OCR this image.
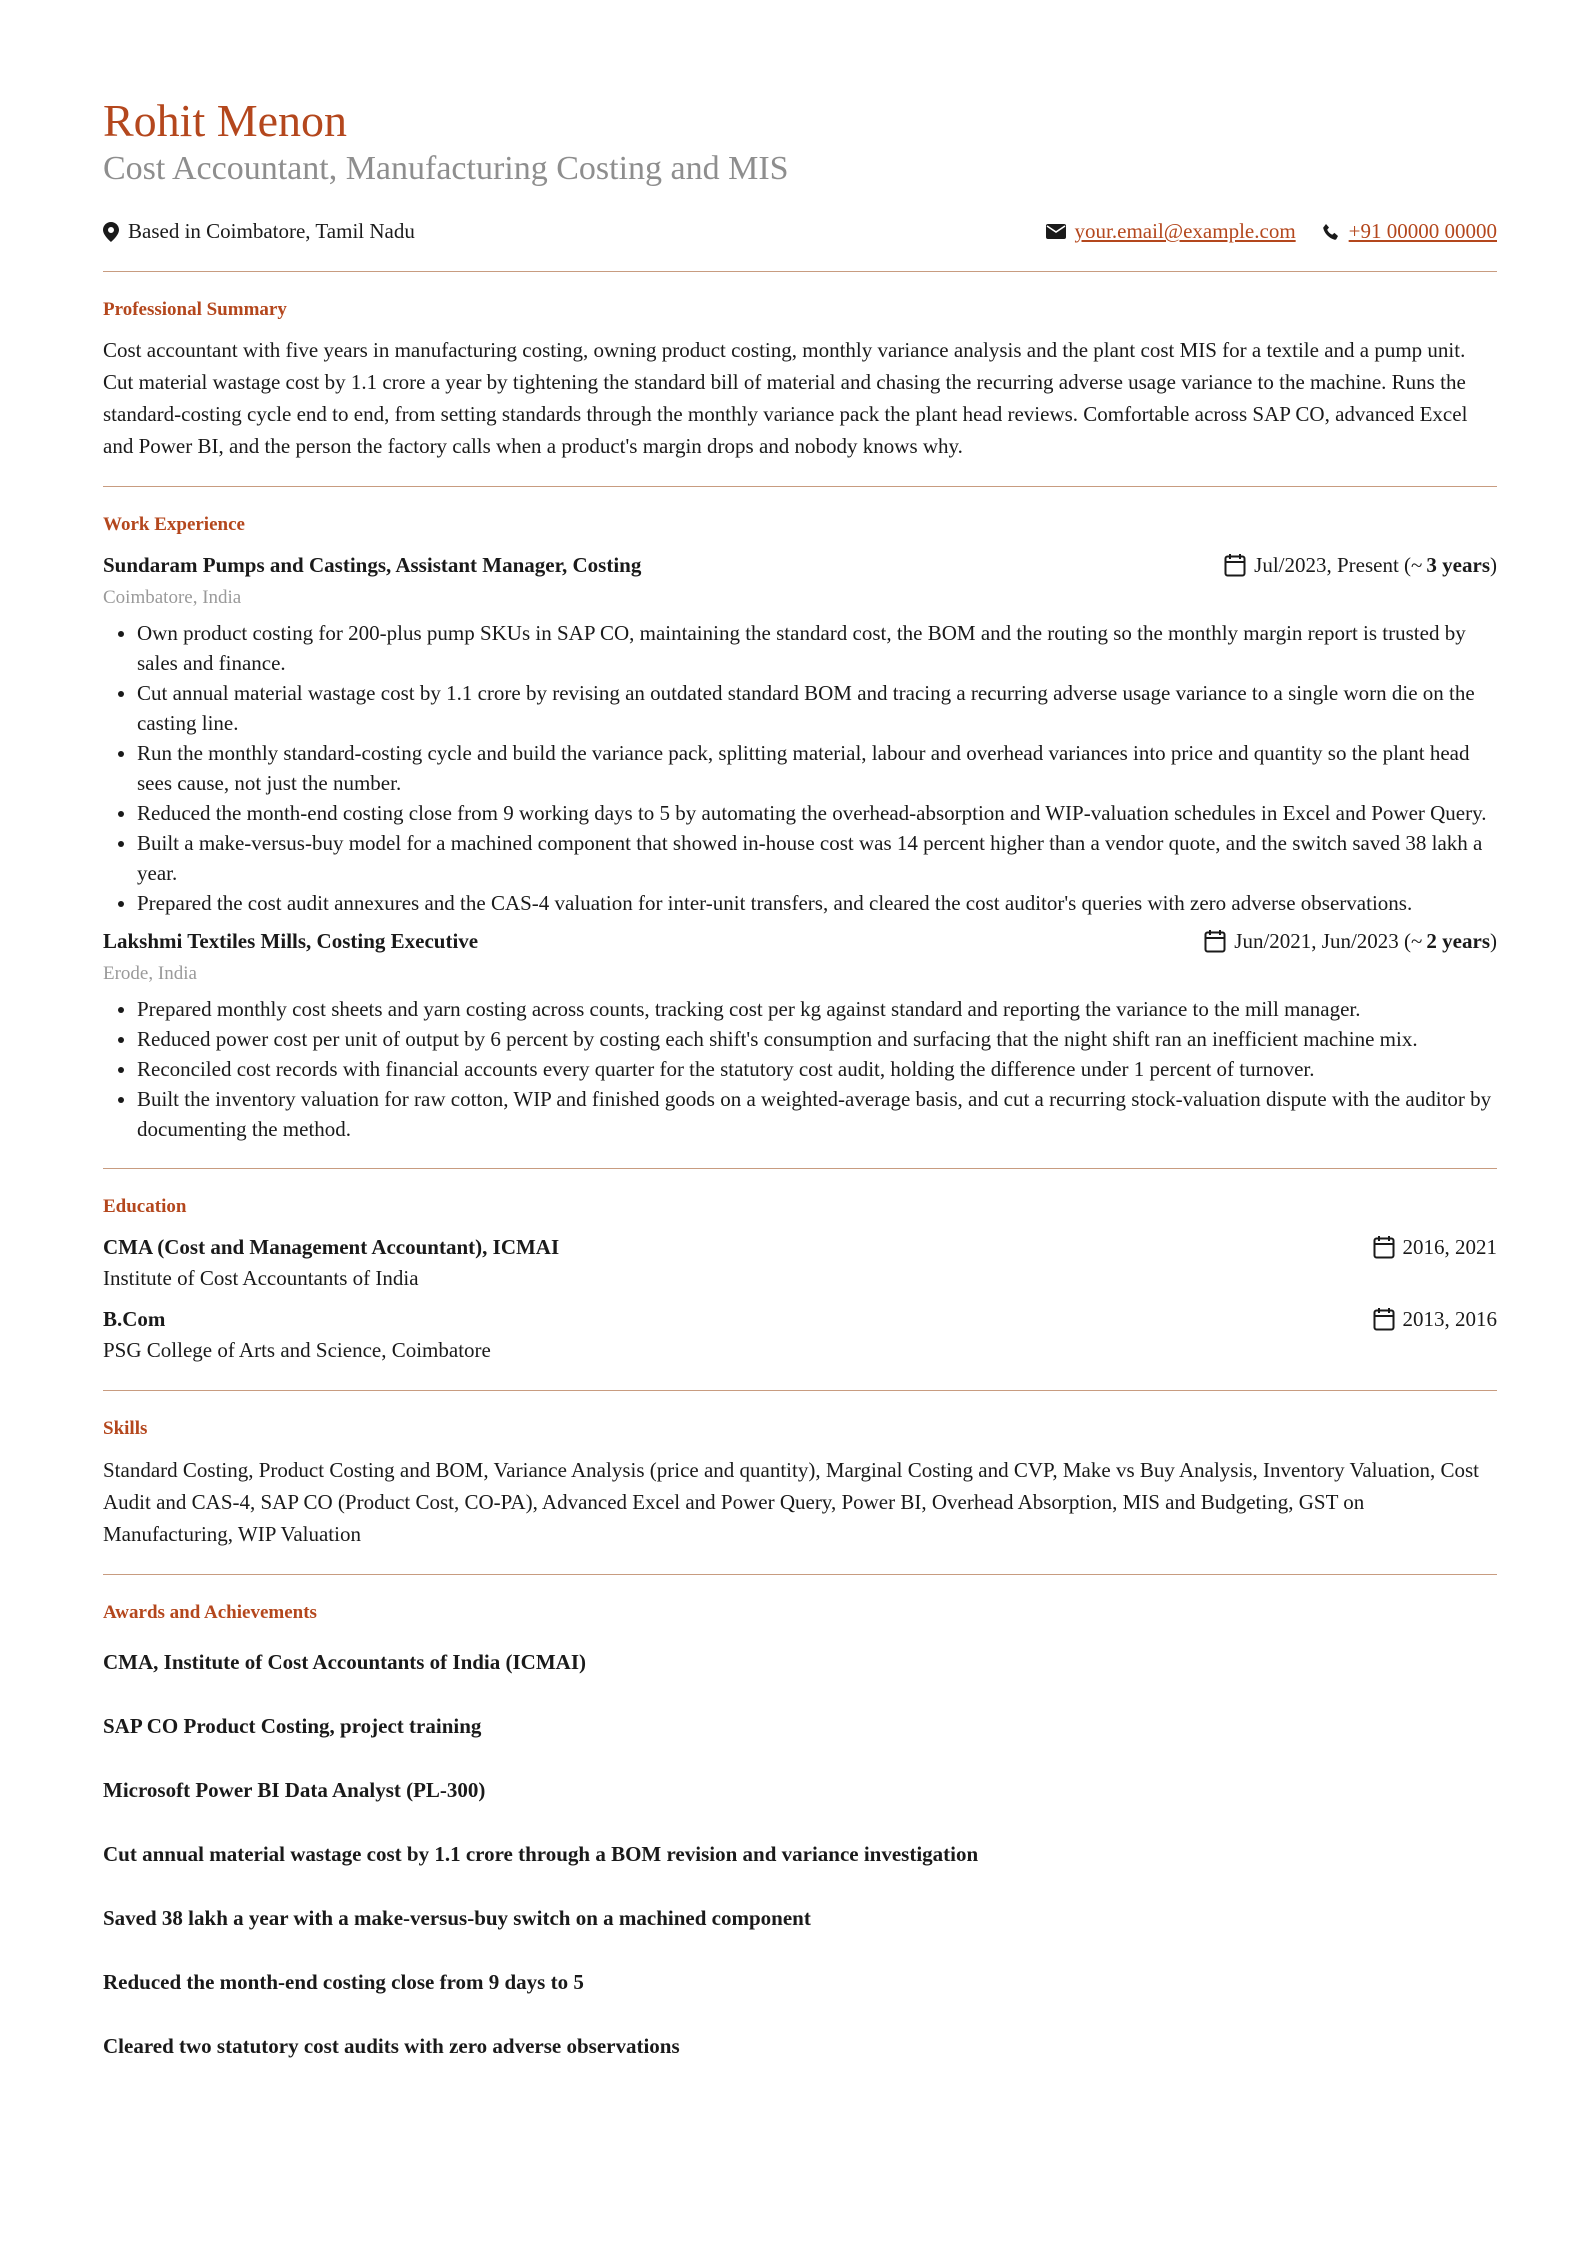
Rohit Menon
Cost Accountant, Manufacturing Costing and MIS
Based in Coimbatore, Tamil Nadu	your.email@example.com	+91 00000 00000
Professional Summary

Cost accountant with five years in manufacturing costing, owning product costing, monthly variance analysis and the plant cost MIS for a textile and a pump unit. Cut material wastage cost by 1.1 crore a year by tightening the standard bill of material and chasing the recurring adverse usage variance to the machine. Runs the standard-costing cycle end to end, from setting standards through the monthly variance pack the plant head reviews. Comfortable across SAP CO, advanced Excel and Power BI, and the person the factory calls when a product's margin drops and nobody knows why.

Work Experience
Sundaram Pumps and Castings, Assistant Manager, Costing	Jul/2023, Present (~ 3 years )
Coimbatore, India
• Own product costing for 200-plus pump SKUs in SAP CO, maintaining the standard cost, the BOM and the routing so the monthly margin report is trusted by sales and finance.
• Cut annual material wastage cost by 1.1 crore by revising an outdated standard BOM and tracing a recurring adverse usage variance to a single worn die on the casting line.
• Run the monthly standard-costing cycle and build the variance pack, splitting material, labour and overhead variances into price and quantity so the plant head sees cause, not just the number.
• Reduced the month-end costing close from 9 working days to 5 by automating the overhead-absorption and WIP-valuation schedules in Excel and Power Query.
• Built a make-versus-buy model for a machined component that showed in-house cost was 14 percent higher than a vendor quote, and the switch saved 38 lakh a year.
• Prepared the cost audit annexures and the CAS-4 valuation for inter-unit transfers, and cleared the cost auditor's queries with zero adverse observations.
Lakshmi Textiles Mills, Costing Executive	Jun/2021, Jun/2023 (~ 2 years )
Erode, India
• Prepared monthly cost sheets and yarn costing across counts, tracking cost per kg against standard and reporting the variance to the mill manager.
• Reduced power cost per unit of output by 6 percent by costing each shift's consumption and surfacing that the night shift ran an inefficient machine mix.
• Reconciled cost records with financial accounts every quarter for the statutory cost audit, holding the difference under 1 percent of turnover.
• Built the inventory valuation for raw cotton, WIP and finished goods on a weighted-average basis, and cut a recurring stock-valuation dispute with the auditor by documenting the method.
Education
CMA (Cost and Management Accountant), ICMAI	2016, 2021
Institute of Cost Accountants of India
B.Com	2013, 2016
PSG College of Arts and Science, Coimbatore
Skills

Standard Costing, Product Costing and BOM, Variance Analysis (price and quantity), Marginal Costing and CVP, Make vs Buy Analysis, Inventory Valuation, Cost Audit and CAS-4, SAP CO (Product Cost, CO-PA), Advanced Excel and Power Query, Power BI, Overhead Absorption, MIS and Budgeting, GST on Manufacturing, WIP Valuation

Awards and Achievements
CMA, Institute of Cost Accountants of India (ICMAI)
SAP CO Product Costing, project training
Microsoft Power BI Data Analyst (PL-300)
Cut annual material wastage cost by 1.1 crore through a BOM revision and variance investigation
Saved 38 lakh a year with a make-versus-buy switch on a machined component
Reduced the month-end costing close from 9 days to 5
Cleared two statutory cost audits with zero adverse observations
